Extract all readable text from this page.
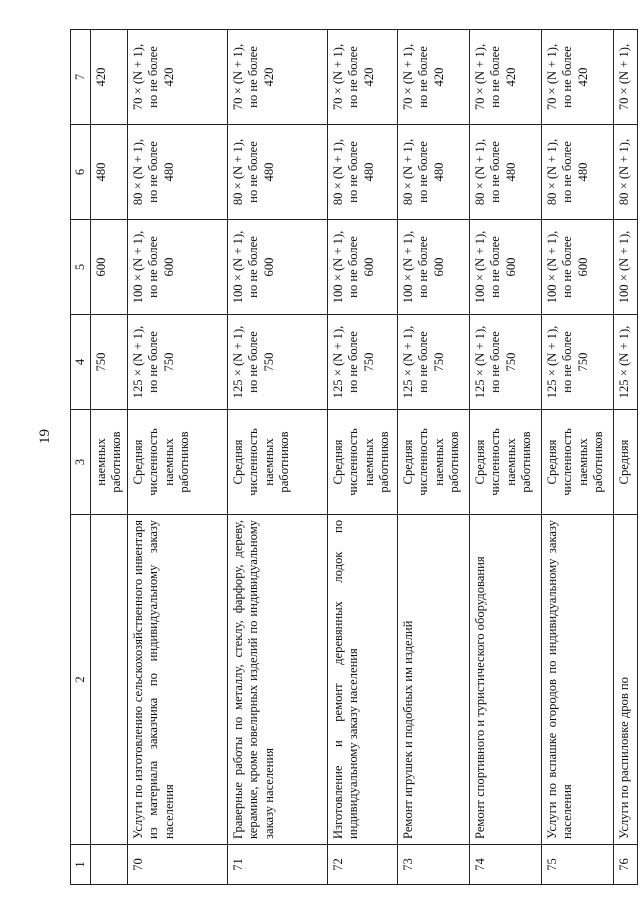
19
1	2	3	4	5	6	7
		наемных работников	750	600	480	420
70	Услуги по изготовлению сельскохозяйственного инвентаря из материала заказчика по индивидуальному заказу населения	Средняя численность наемных работников	125 × (N + 1), но не более 750	100 × (N + 1), но не более 600	80 × (N + 1), но не более 480	70 × (N + 1), но не более 420

71	Граверные работы по металлу, стеклу, фарфору, дереву, керамике, кроме ювелирных изделий по индивидуальному заказу населения	Средняя численность наемных работников	125 × (N + 1), но не более 750	100 × (N + 1), но не более 600	80 × (N + 1), но не более 480	70 × (N + 1), но не более 420

72	Изготовление и ремонт деревянных лодок по индивидуальному заказу населения	Средняя численность наемных работников	125 × (N + 1), но не более 750	100 × (N + 1), но не более 600	80 × (N + 1), но не более 480	70 × (N + 1), но не более 420

73	Ремонт игрушек и подобных им изделий	Средняя численность наемных работников	125 × (N + 1), но не более 750	100 × (N + 1), но не более 600	80 × (N + 1), но не более 480	70 × (N + 1), но не более 420

74	Ремонт спортивного и туристического оборудования	Средняя численность наемных работников	125 × (N + 1), но не более 750	100 × (N + 1), но не более 600	80 × (N + 1), но не более 480	70 × (N + 1), но не более 420

75	Услуги по вспашке огородов по индивидуальному заказу населения	Средняя численность наемных работников	125 × (N + 1), но не более 750	100 × (N + 1), но не более 600	80 × (N + 1), но не более 480	70 × (N + 1), но не более 420

76	Услуги по распиловке дров по	Средняя	125 × (N + 1),	100 × (N + 1),	80 × (N + 1),	70 × (N + 1),
